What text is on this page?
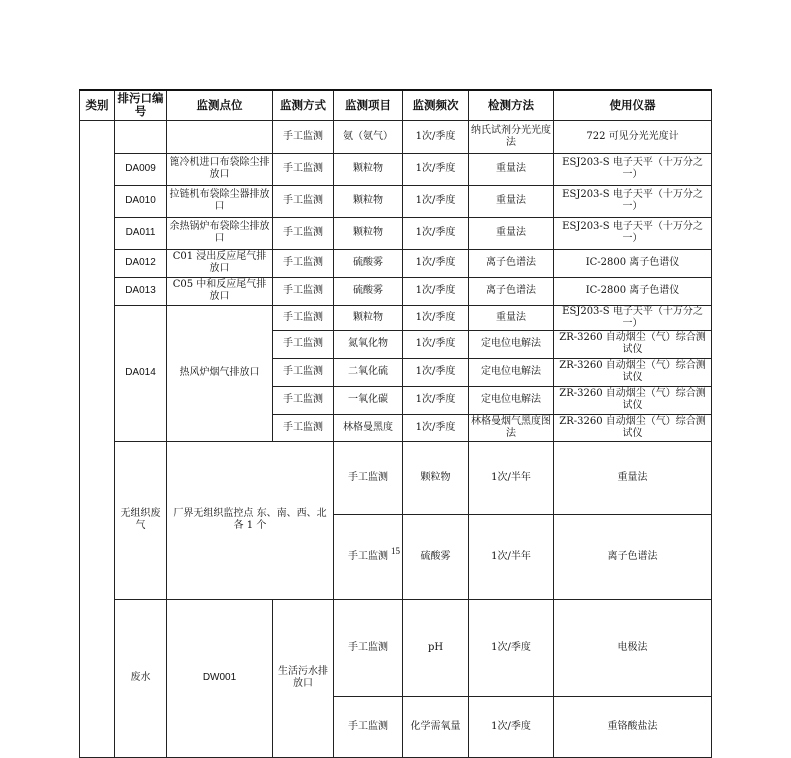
类别	排污口编号	监测点位	监测方式	监测项目	监测频次	检测方法	使用仪器	
			手工监测	氨（氨气）	1次/季度	纳氏试剂分光光度法	722 可见分光光度计	
	DA009	篦冷机进口布袋除尘排放口	手工监测	颗粒物	1次/季度	重量法	ESJ203-S 电子天平（十万分之一）	
	DA010	拉链机布袋除尘器排放口	手工监测	颗粒物	1次/季度	重量法	ESJ203-S 电子天平（十万分之一）	
	DA011	余热锅炉布袋除尘排放口	手工监测	颗粒物	1次/季度	重量法	ESJ203-S 电子天平（十万分之一）	
	DA012	C01 浸出反应尾气排放口	手工监测	硫酸雾	1次/季度	离子色谱法	IC-2800 离子色谱仪	
	DA013	C05 中和反应尾气排放口	手工监测	硫酸雾	1次/季度	离子色谱法	IC-2800 离子色谱仪	
	DA014	热风炉烟气排放口	手工监测	颗粒物	1次/季度	重量法	ESJ203-S 电子天平（十万分之一）	
			手工监测	氮氧化物	1次/季度	定电位电解法	ZR-3260 自动烟尘（气）综合测试仪	
			手工监测	二氧化硫	1次/季度	定电位电解法	ZR-3260 自动烟尘（气）综合测试仪	
			手工监测	一氧化碳	1次/季度	定电位电解法	ZR-3260 自动烟尘（气）综合测试仪	
			手工监测	林格曼黑度	1次/季度	林格曼烟气黑度图法	ZR-3260 自动烟尘（气）综合测试仪	
	无组织废气	厂界无组织监控点 东、南、西、北各 1 个		手工监测	颗粒物	1次/半年	重量法	
				手工监测	硫酸雾	1次/半年	离子色谱法	
	废水	DW001	生活污水排放口	手工监测	pH	1次/季度	电极法	
				手工监测	化学需氧量	1次/季度	重铬酸盐法	
15
